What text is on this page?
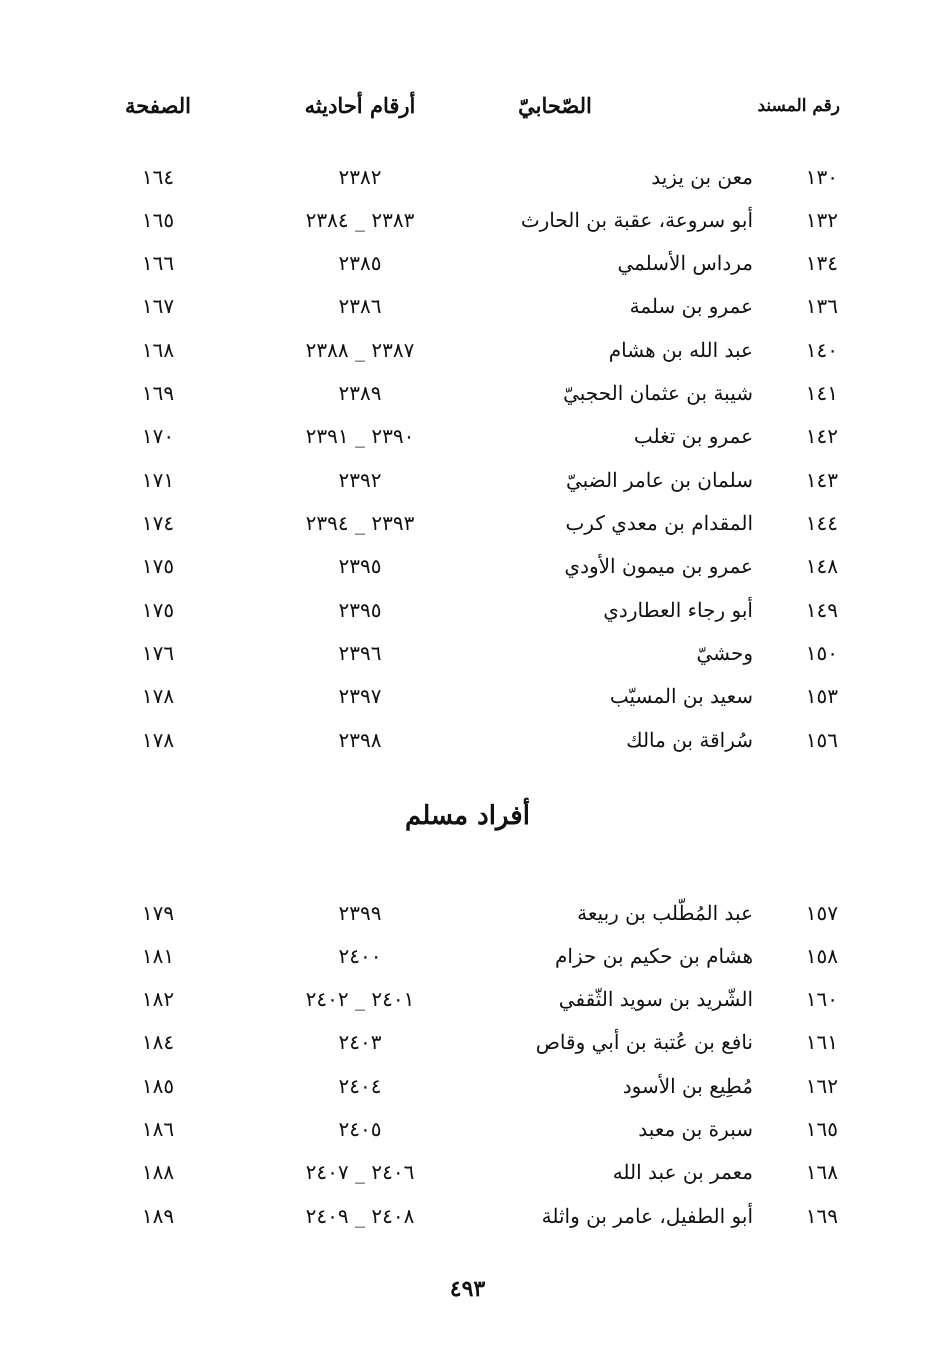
رقم المسند
الصّحابيّ
أرقام أحاديثه
الصفحة
١٣٠
معن بن يزيد
٢٣٨٢
١٦٤
١٣٢
أبو سروعة، عقبة بن الحارث
٢٣٨٣ _ ٢٣٨٤
١٦٥
١٣٤
مرداس الأسلمي
٢٣٨٥
١٦٦
١٣٦
عمرو بن سلمة
٢٣٨٦
١٦٧
١٤٠
عبد الله بن هشام
٢٣٨٧ _ ٢٣٨٨
١٦٨
١٤١
شيبة بن عثمان الحجبيّ
٢٣٨٩
١٦٩
١٤٢
عمرو بن تغلب
٢٣٩٠ _ ٢٣٩١
١٧٠
١٤٣
سلمان بن عامر الضبيّ
٢٣٩٢
١٧١
١٤٤
المقدام بن معدي كرب
٢٣٩٣ _ ٢٣٩٤
١٧٤
١٤٨
عمرو بن ميمون الأودي
٢٣٩٥
١٧٥
١٤٩
أبو رجاء العطاردي
٢٣٩٥
١٧٥
١٥٠
وحشيّ
٢٣٩٦
١٧٦
١٥٣
سعيد بن المسيّب
٢٣٩٧
١٧٨
١٥٦
سُراقة بن مالك
٢٣٩٨
١٧٨
أفراد مسلم
١٥٧
عبد المُطّلب بن ربيعة
٢٣٩٩
١٧٩
١٥٨
هشام بن حكيم بن حزام
٢٤٠٠
١٨١
١٦٠
الشّريد بن سويد الثّقفي
٢٤٠١ _ ٢٤٠٢
١٨٢
١٦١
نافع بن عُتبة بن أبي وقاص
٢٤٠٣
١٨٤
١٦٢
مُطِيع بن الأسود
٢٤٠٤
١٨٥
١٦٥
سبرة بن معبد
٢٤٠٥
١٨٦
١٦٨
معمر بن عبد الله
٢٤٠٦ _ ٢٤٠٧
١٨٨
١٦٩
أبو الطفيل، عامر بن واثلة
٢٤٠٨ _ ٢٤٠٩
١٨٩
٤٩٣
